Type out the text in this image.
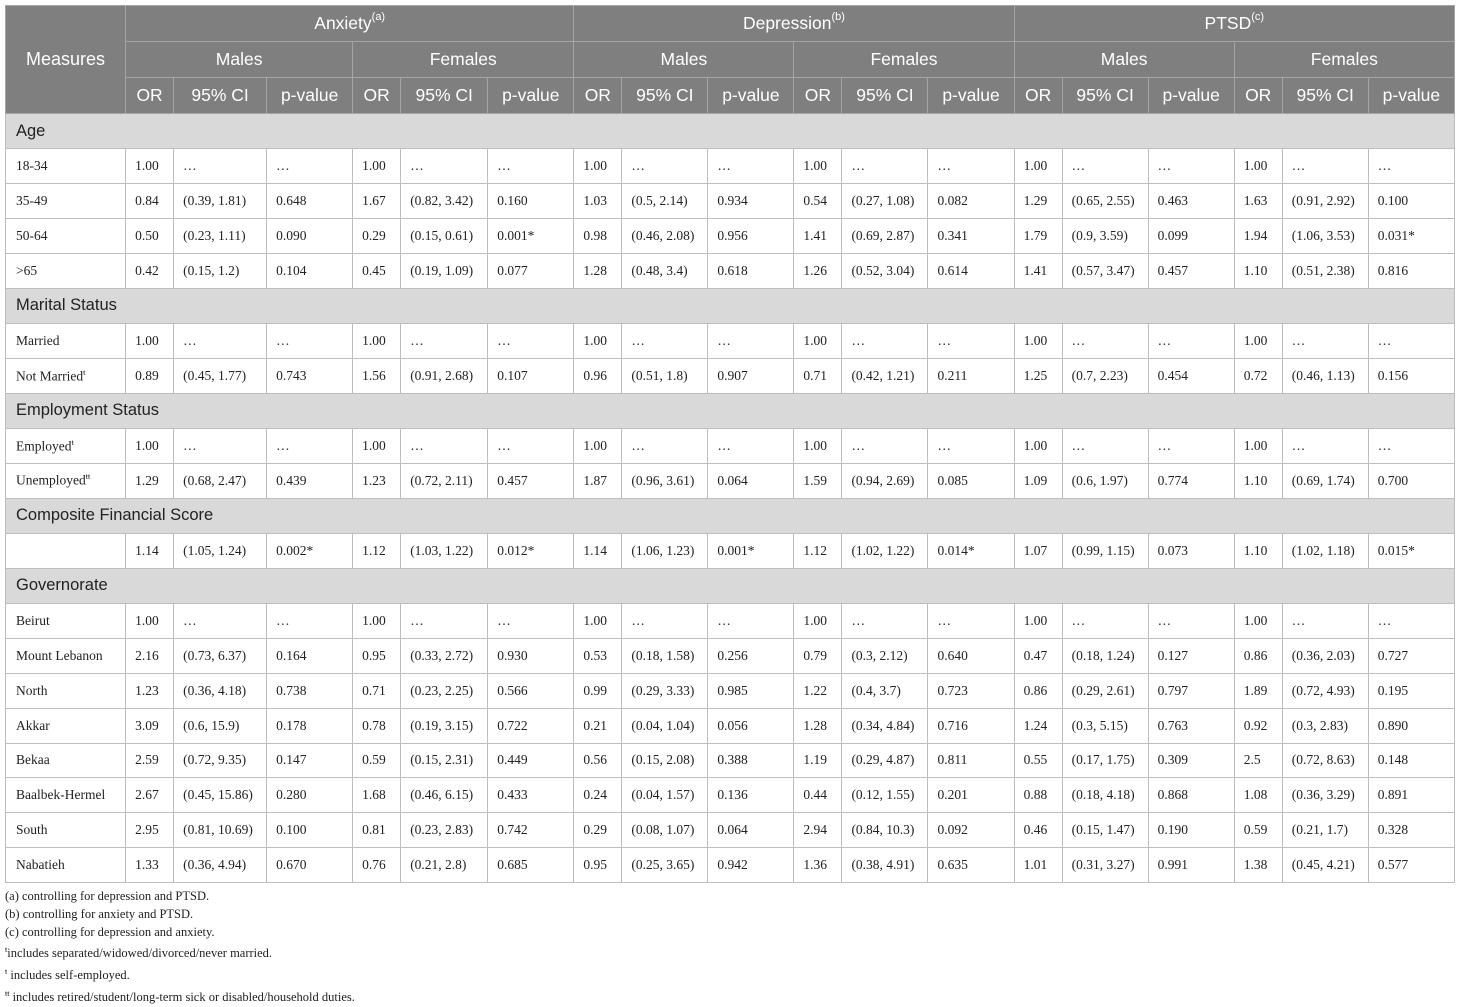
Measures	Anxiety$^{(a)}$						Depression$^{(b)}$						PTSD$^{(c)}$
	Males			Females			Males			Females			Males			Females		
	OR	95% CI	p-value	OR	95% CI	p-value	OR	95% CI	p-value	OR	95% CI	p-value	OR	95% CI	p-value	OR	95% CI	p-value
Age																		
18-34	1.00	…	…	1.00	…	…	1.00	…	…	1.00	…	…	1.00	…	…	1.00	…	…
35-49	0.84	(0.39, 1.81)	0.648	1.67	(0.82, 3.42)	0.160	1.03	(0.5, 2.14)	0.934	0.54	(0.27, 1.08)	0.082	1.29	(0.65, 2.55)	0.463	1.63	(0.91, 2.92)	0.100
50-64	0.50	(0.23, 1.11)	0.090	0.29	(0.15, 0.61)	0.001*	0.98	(0.46, 2.08)	0.956	1.41	(0.69, 2.87)	0.341	1.79	(0.9, 3.59)	0.099	1.94	(1.06, 3.53)	0.031*
>65	0.42	(0.15, 1.2)	0.104	0.45	(0.19, 1.09)	0.077	1.28	(0.48, 3.4)	0.618	1.26	(0.52, 3.04)	0.614	1.41	(0.57, 3.47)	0.457	1.10	(0.51, 2.38)	0.816
Marital Status																		
Married	1.00	…	…	1.00	…	…	1.00	…	…	1.00	…	…	1.00	…	…	1.00	…	…
Not Married$^ŧ$	0.89	(0.45, 1.77)	0.743	1.56	(0.91, 2.68)	0.107	0.96	(0.51, 1.8)	0.907	0.71	(0.42, 1.21)	0.211	1.25	(0.7, 2.23)	0.454	0.72	(0.46, 1.13)	0.156
Employment Status																		
Employed$^ŧ$	1.00	…	…	1.00	…	…	1.00	…	…	1.00	…	…	1.00	…	…	1.00	…	…
Unemployed$^{ŧŧ}$	1.29	(0.68, 2.47)	0.439	1.23	(0.72, 2.11)	0.457	1.87	(0.96, 3.61)	0.064	1.59	(0.94, 2.69)	0.085	1.09	(0.6, 1.97)	0.774	1.10	(0.69, 1.74)	0.700
Composite Financial Score																		
	1.14	(1.05, 1.24)	0.002*	1.12	(1.03, 1.22)	0.012*	1.14	(1.06, 1.23)	0.001*	1.12	(1.02, 1.22)	0.014*	1.07	(0.99, 1.15)	0.073	1.10	(1.02, 1.18)	0.015*
Governorate																		
Beirut	1.00	…	…	1.00	…	…	1.00	…	…	1.00	…	…	1.00	…	…	1.00	…	…
Mount Lebanon	2.16	(0.73, 6.37)	0.164	0.95	(0.33, 2.72)	0.930	0.53	(0.18, 1.58)	0.256	0.79	(0.3, 2.12)	0.640	0.47	(0.18, 1.24)	0.127	0.86	(0.36, 2.03)	0.727
North	1.23	(0.36, 4.18)	0.738	0.71	(0.23, 2.25)	0.566	0.99	(0.29, 3.33)	0.985	1.22	(0.4, 3.7)	0.723	0.86	(0.29, 2.61)	0.797	1.89	(0.72, 4.93)	0.195
Akkar	3.09	(0.6, 15.9)	0.178	0.78	(0.19, 3.15)	0.722	0.21	(0.04, 1.04)	0.056	1.28	(0.34, 4.84)	0.716	1.24	(0.3, 5.15)	0.763	0.92	(0.3, 2.83)	0.890
Bekaa	2.59	(0.72, 9.35)	0.147	0.59	(0.15, 2.31)	0.449	0.56	(0.15, 2.08)	0.388	1.19	(0.29, 4.87)	0.811	0.55	(0.17, 1.75)	0.309	2.5	(0.72, 8.63)	0.148
Baalbek-Hermel	2.67	(0.45, 15.86)	0.280	1.68	(0.46, 6.15)	0.433	0.24	(0.04, 1.57)	0.136	0.44	(0.12, 1.55)	0.201	0.88	(0.18, 4.18)	0.868	1.08	(0.36, 3.29)	0.891
South	2.95	(0.81, 10.69)	0.100	0.81	(0.23, 2.83)	0.742	0.29	(0.08, 1.07)	0.064	2.94	(0.84, 10.3)	0.092	0.46	(0.15, 1.47)	0.190	0.59	(0.21, 1.7)	0.328
Nabatieh	1.33	(0.36, 4.94)	0.670	0.76	(0.21, 2.8)	0.685	0.95	(0.25, 3.65)	0.942	1.36	(0.38, 4.91)	0.635	1.01	(0.31, 3.27)	0.991	1.38	(0.45, 4.21)	0.577
(a) controlling for depression and PTSD.
(b) controlling for anxiety and PTSD.
(c) controlling for depression and anxiety.
$^ŧ$includes separated/widowed/divorced/never married.
$^ŧ$ includes self-employed.
$^{ŧŧ}$ includes retired/student/long-term sick or disabled/household duties.
